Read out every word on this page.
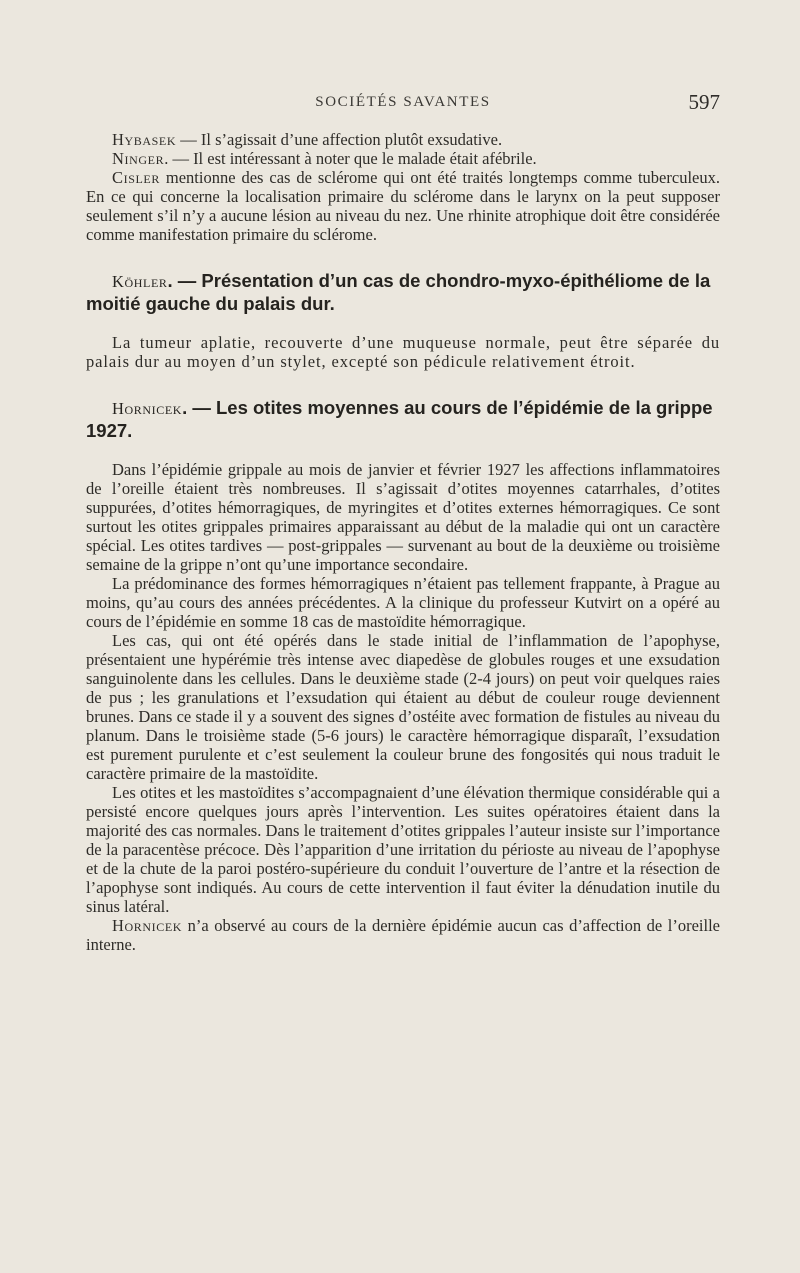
SOCIÉTÉS SAVANTES	597

Hybasek — Il s’agissait d’une affection plutôt exsudative.

Ninger. — Il est intéressant à noter que le malade était afébrile.

Cisler mentionne des cas de sclérome qui ont été traités longtemps comme tuberculeux. En ce qui concerne la localisation primaire du sclérome dans le larynx on la peut supposer seulement s’il n’y a aucune lésion au niveau du nez. Une rhinite atrophique doit être considérée comme manifestation primaire du sclérome.

Köhler. — Présentation d’un cas de chondro-myxo-épithéliome de la moitié gauche du palais dur.

La tumeur aplatie, recouverte d’une muqueuse normale, peut être séparée du palais dur au moyen d’un stylet, excepté son pédicule relativement étroit.

Hornicek. — Les otites moyennes au cours de l’épidémie de la grippe 1927.

Dans l’épidémie grippale au mois de janvier et février 1927 les affections inflammatoires de l’oreille étaient très nombreuses. Il s’agissait d’otites moyennes catarrhales, d’otites suppurées, d’otites hémorragiques, de myringites et d’otites externes hémorragiques. Ce sont surtout les otites grippales primaires apparaissant au début de la maladie qui ont un caractère spécial. Les otites tardives — post-grippales — survenant au bout de la deuxième ou troisième semaine de la grippe n’ont qu’une importance secondaire.

La prédominance des formes hémorragiques n’étaient pas tellement frappante, à Prague au moins, qu’au cours des années précédentes. A la clinique du professeur Kutvirt on a opéré au cours de l’épidémie en somme 18 cas de mastoïdite hémorragique.

Les cas, qui ont été opérés dans le stade initial de l’inflammation de l’apophyse, présentaient une hypérémie très intense avec diapedèse de globules rouges et une exsudation sanguinolente dans les cellules. Dans le deuxième stade (2-4 jours) on peut voir quelques raies de pus ; les granulations et l’exsudation qui étaient au début de couleur rouge deviennent brunes. Dans ce stade il y a souvent des signes d’ostéite avec formation de fistules au niveau du planum. Dans le troisième stade (5-6 jours) le caractère hémorragique disparaît, l’exsudation est purement purulente et c’est seulement la couleur brune des fongosités qui nous traduit le caractère primaire de la mastoïdite.

Les otites et les mastoïdites s’accompagnaient d’une élévation thermique considérable qui a persisté encore quelques jours après l’intervention. Les suites opératoires étaient dans la majorité des cas normales. Dans le traitement d’otites grippales l’auteur insiste sur l’importance de la paracentèse précoce. Dès l’apparition d’une irritation du périoste au niveau de l’apophyse et de la chute de la paroi postéro-supérieure du conduit l’ouverture de l’antre et la résection de l’apophyse sont indiqués. Au cours de cette intervention il faut éviter la dénudation inutile du sinus latéral.

Hornicek n’a observé au cours de la dernière épidémie aucun cas d’affection de l’oreille interne.
